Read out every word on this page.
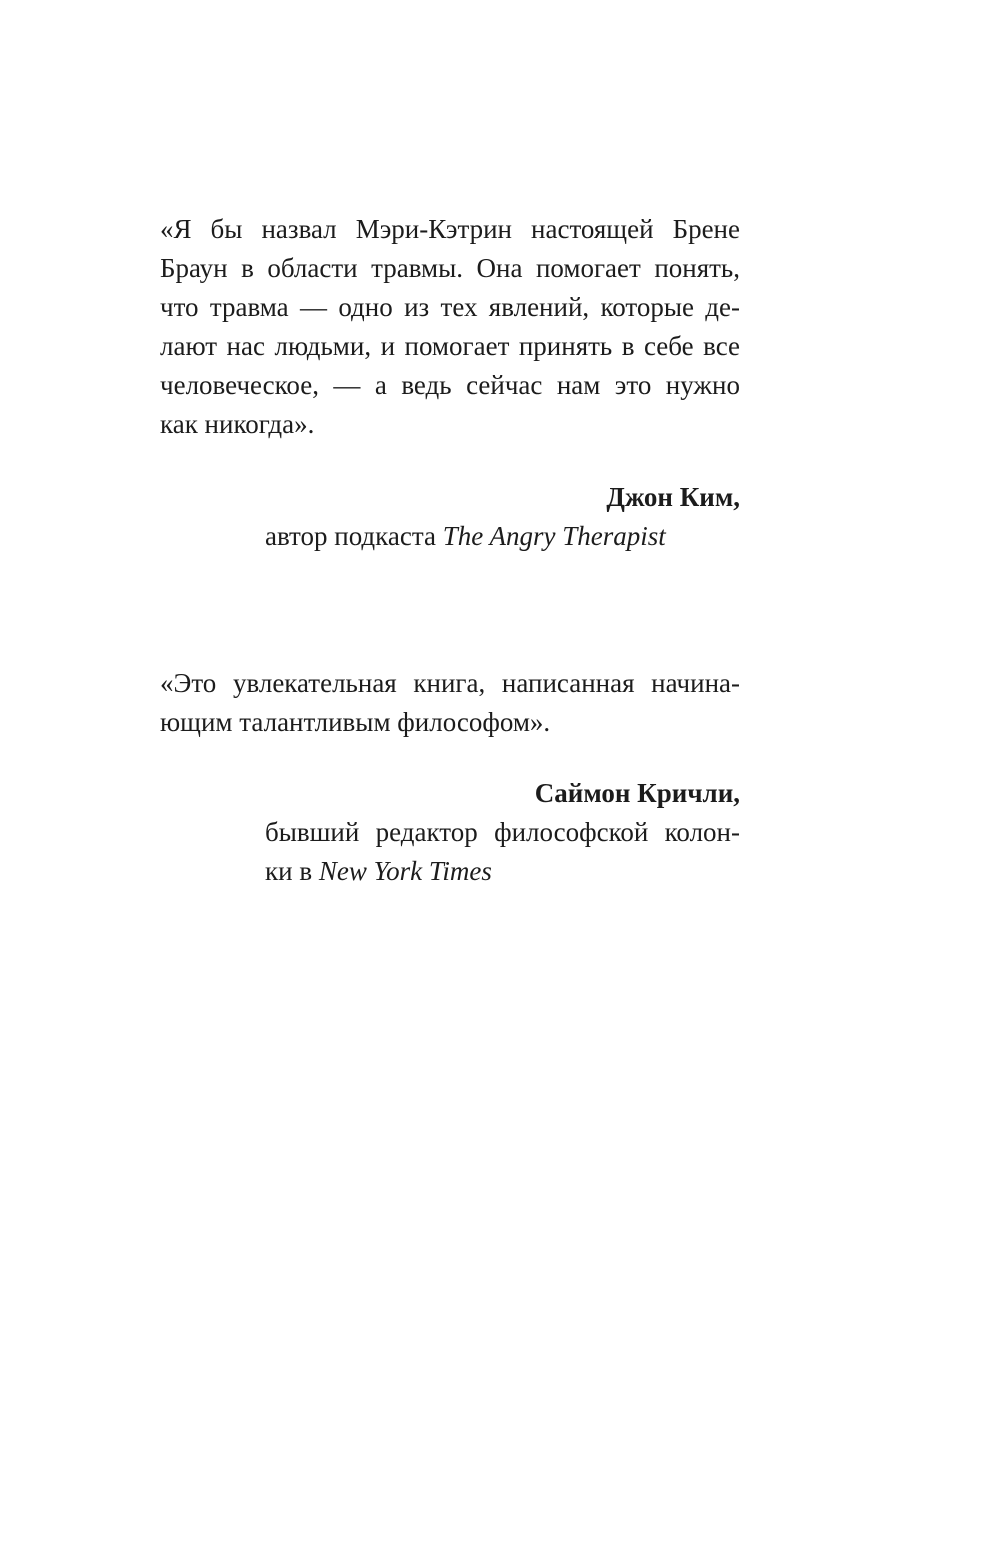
«Я бы назвал Мэри-Кэтрин настоящей Брене
Браун в области травмы. Она помогает понять,
что травма — одно из тех явлений, которые де-
лают нас людьми, и помогает принять в себе все
человеческое, — а ведь сейчас нам это нужно
как никогда».
Джон Ким,
автор подкаста The Angry Therapist
«Это увлекательная книга, написанная начина-
ющим талантливым философом».
Саймон Кричли,
бывший редактор философской колон-
ки в New York Times
